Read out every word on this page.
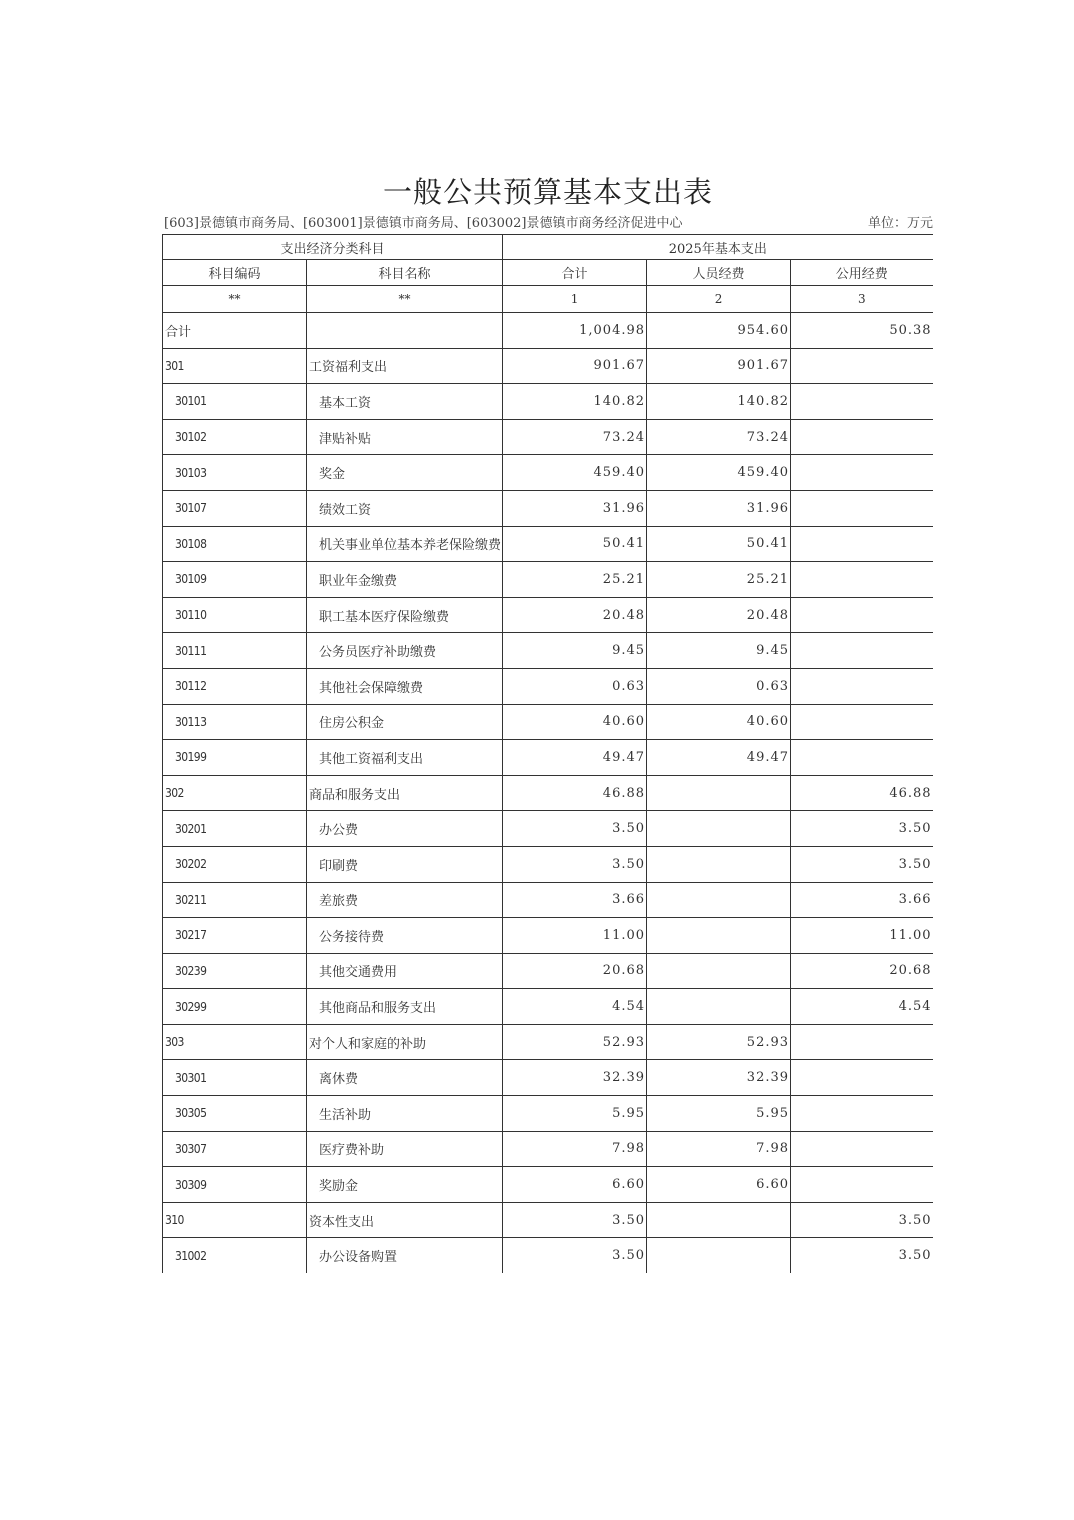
一般公共预算基本支出表
[603]景德镇市商务局、[603001]景德镇市商务局、[603002]景德镇市商务经济促进中心	单位：万元
支出经济分类科目		2025年基本支出		
科目编码	科目名称	合计	人员经费	公用经费
**	**	1	2	3
合计		1,004.98	954.60	50.38
301	工资福利支出	901.67	901.67	
30101	基本工资	140.82	140.82	
30102	津贴补贴	73.24	73.24	
30103	奖金	459.40	459.40	
30107	绩效工资	31.96	31.96	
30108	机关事业单位基本养老保险缴费	50.41	50.41	
30109	职业年金缴费	25.21	25.21	
30110	职工基本医疗保险缴费	20.48	20.48	
30111	公务员医疗补助缴费	9.45	9.45	
30112	其他社会保障缴费	0.63	0.63	
30113	住房公积金	40.60	40.60	
30199	其他工资福利支出	49.47	49.47	
302	商品和服务支出	46.88		46.88
30201	办公费	3.50		3.50
30202	印刷费	3.50		3.50
30211	差旅费	3.66		3.66
30217	公务接待费	11.00		11.00
30239	其他交通费用	20.68		20.68
30299	其他商品和服务支出	4.54		4.54
303	对个人和家庭的补助	52.93	52.93	
30301	离休费	32.39	32.39	
30305	生活补助	5.95	5.95	
30307	医疗费补助	7.98	7.98	
30309	奖励金	6.60	6.60	
310	资本性支出	3.50		3.50
31002	办公设备购置	3.50		3.50
